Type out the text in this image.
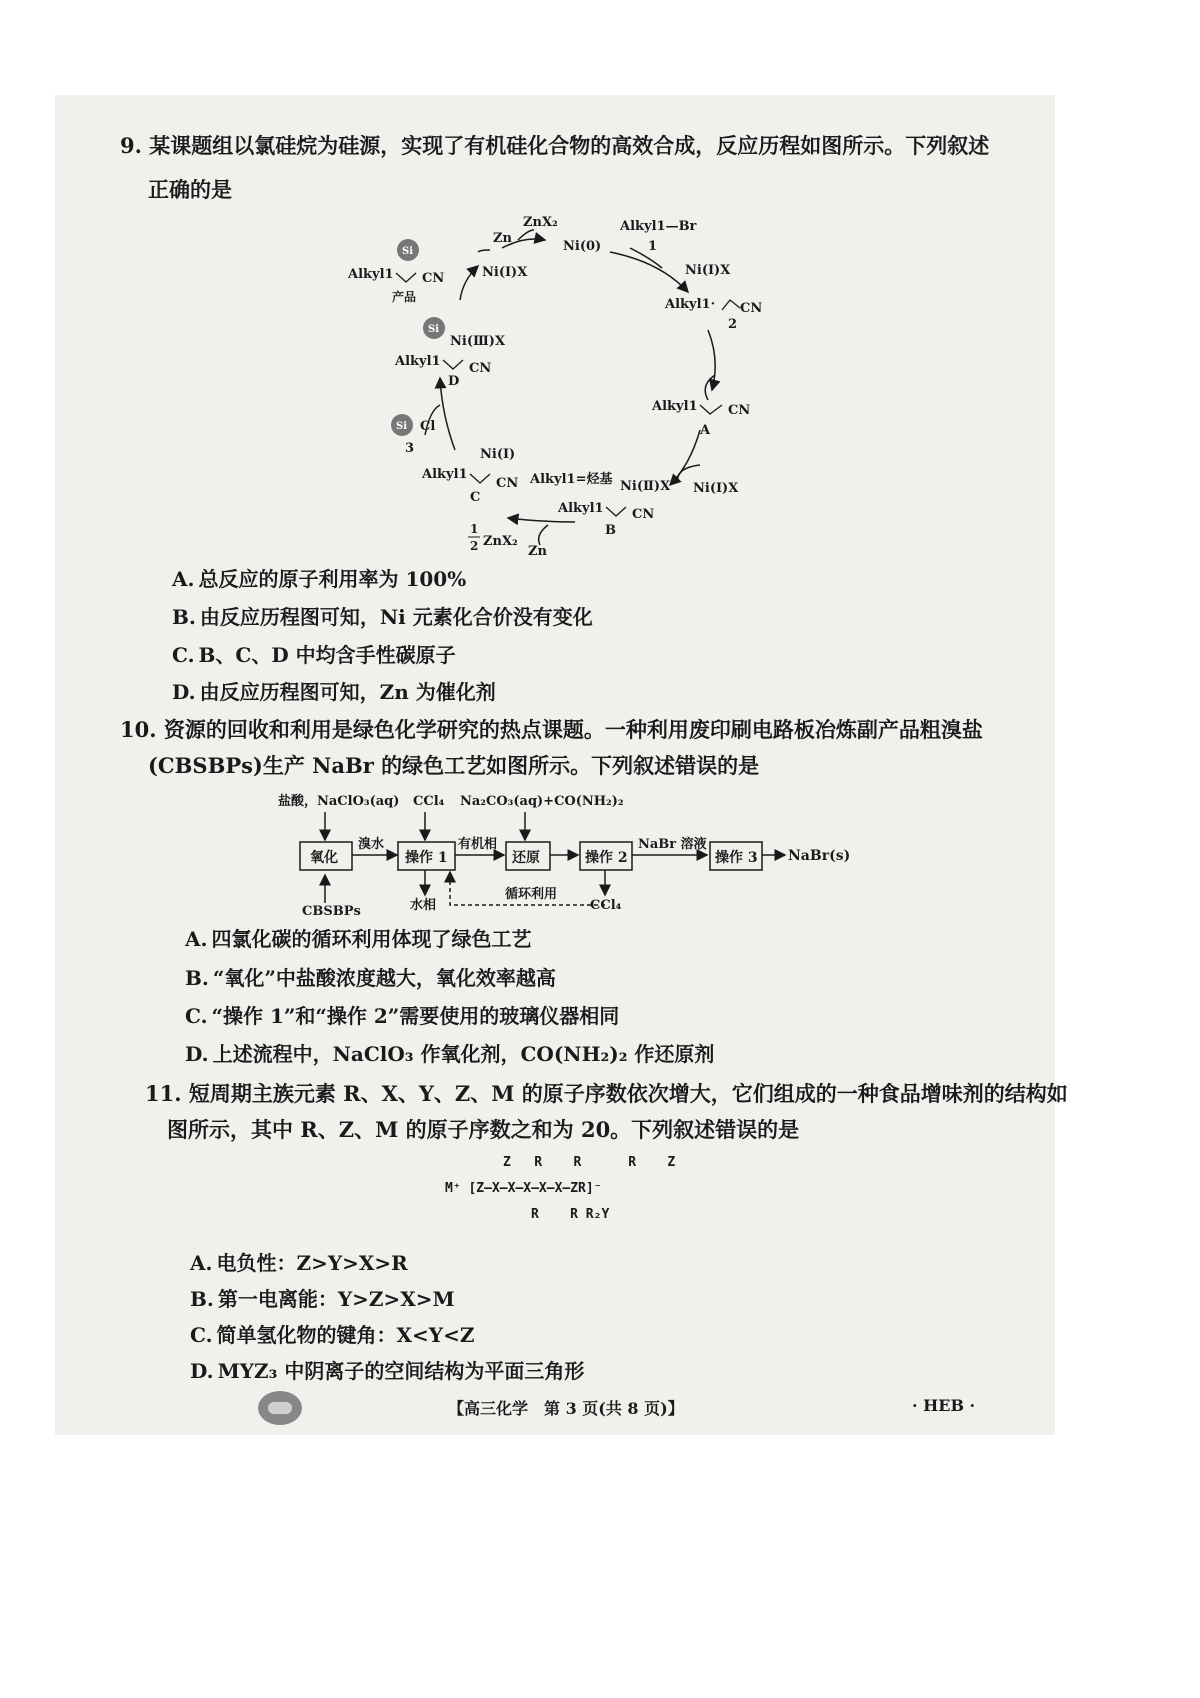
9. 某课题组以氯硅烷为硅源，实现了有机硅化合物的高效合成，反应历程如图所示。下列叙述
正确的是
ZnX₂
Zn
Ni(0)
Alkyl1—Br
1
Ni(Ⅰ)X
Alkyl1· CN
2
Alkyl1 CN
A
Ni(Ⅰ)X
Ni(Ⅱ)X
Alkyl1 CN
B
Alkyl1=烃基
1
2 ZnX₂
Zn
Ni(Ⅰ)
Alkyl1
CN
C
Si Cl
3
D
Si
Ni(Ⅲ)X
Alkyl1 CN
Si
Alkyl1 CN
产品
Ni(Ⅰ)X
A. 总反应的原子利用率为 100%
B. 由反应历程图可知，Ni 元素化合价没有变化
C. B、C、D 中均含手性碳原子
D. 由反应历程图可知，Zn 为催化剂
10. 资源的回收和利用是绿色化学研究的热点课题。一种利用废印刷电路板冶炼副产品粗溴盐
(CBSBPs)生产 NaBr 的绿色工艺如图所示。下列叙述错误的是
盐酸，NaClO₃(aq) CCl₄ Na₂CO₃(aq)+CO(NH₂)₂
氧化	操作 1	还原	操作 2	操作 3
溴水	有机相	NaBr 溶液
NaBr(s)
CBSBPs	水相
循环利用
CCl₄
A. 四氯化碳的循环利用体现了绿色工艺
B. “氧化”中盐酸浓度越大，氧化效率越高
C. “操作 1”和“操作 2”需要使用的玻璃仪器相同
D. 上述流程中，NaClO₃ 作氧化剂，CO(NH₂)₂ 作还原剂
11. 短周期主族元素 R、X、Y、Z、M 的原子序数依次增大，它们组成的一种食品增味剂的结构如
图所示，其中 R、Z、M 的原子序数之和为 20。下列叙述错误的是
Z   R    R      R    Z
M⁺ [Z—X—X—X—X—X—ZR]⁻
R    R R₂Y
A. 电负性：Z>Y>X>R
B. 第一电离能：Y>Z>X>M
C. 简单氢化物的键角：X<Y<Z
D. MYZ₃ 中阴离子的空间结构为平面三角形
【高三化学　第 3 页(共 8 页)】	· HEB ·
